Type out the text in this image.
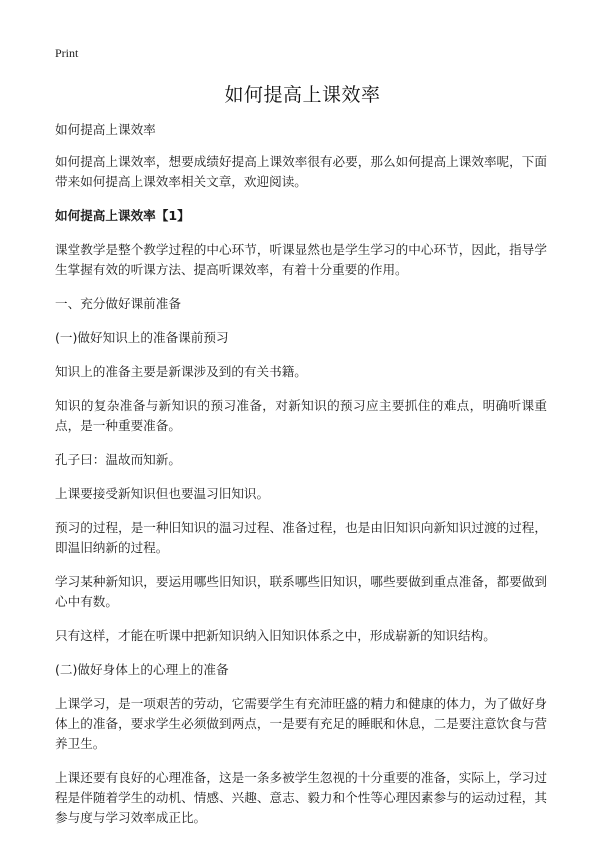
Print
如何提高上课效率

如何提高上课效率

如何提高上课效率，想要成绩好提高上课效率很有必要，那么如何提高上课效率呢，下面带来如何提高上课效率相关文章，欢迎阅读。

如何提高上课效率【1】

课堂教学是整个教学过程的中心环节，听课显然也是学生学习的中心环节，因此，指导学生掌握有效的听课方法、提高听课效率，有着十分重要的作用。

一、充分做好课前准备

(一)做好知识上的准备课前预习

知识上的准备主要是新课涉及到的有关书籍。

知识的复杂准备与新知识的预习准备，对新知识的预习应主要抓住的难点，明确听课重点，是一种重要准备。

孔子曰：温故而知新。

上课要接受新知识但也要温习旧知识。

预习的过程，是一种旧知识的温习过程、准备过程，也是由旧知识向新知识过渡的过程，即温旧纳新的过程。

学习某种新知识，要运用哪些旧知识，联系哪些旧知识，哪些要做到重点准备，都要做到心中有数。

只有这样，才能在听课中把新知识纳入旧知识体系之中，形成崭新的知识结构。

(二)做好身体上的心理上的准备

上课学习，是一项艰苦的劳动，它需要学生有充沛旺盛的精力和健康的体力，为了做好身体上的准备，要求学生必须做到两点，一是要有充足的睡眠和休息，二是要注意饮食与营养卫生。

上课还要有良好的心理准备，这是一条多被学生忽视的十分重要的准备，实际上，学习过程是伴随着学生的动机、情感、兴趣、意志、毅力和个性等心理因素参与的运动过程，其参与度与学习效率成正比。
